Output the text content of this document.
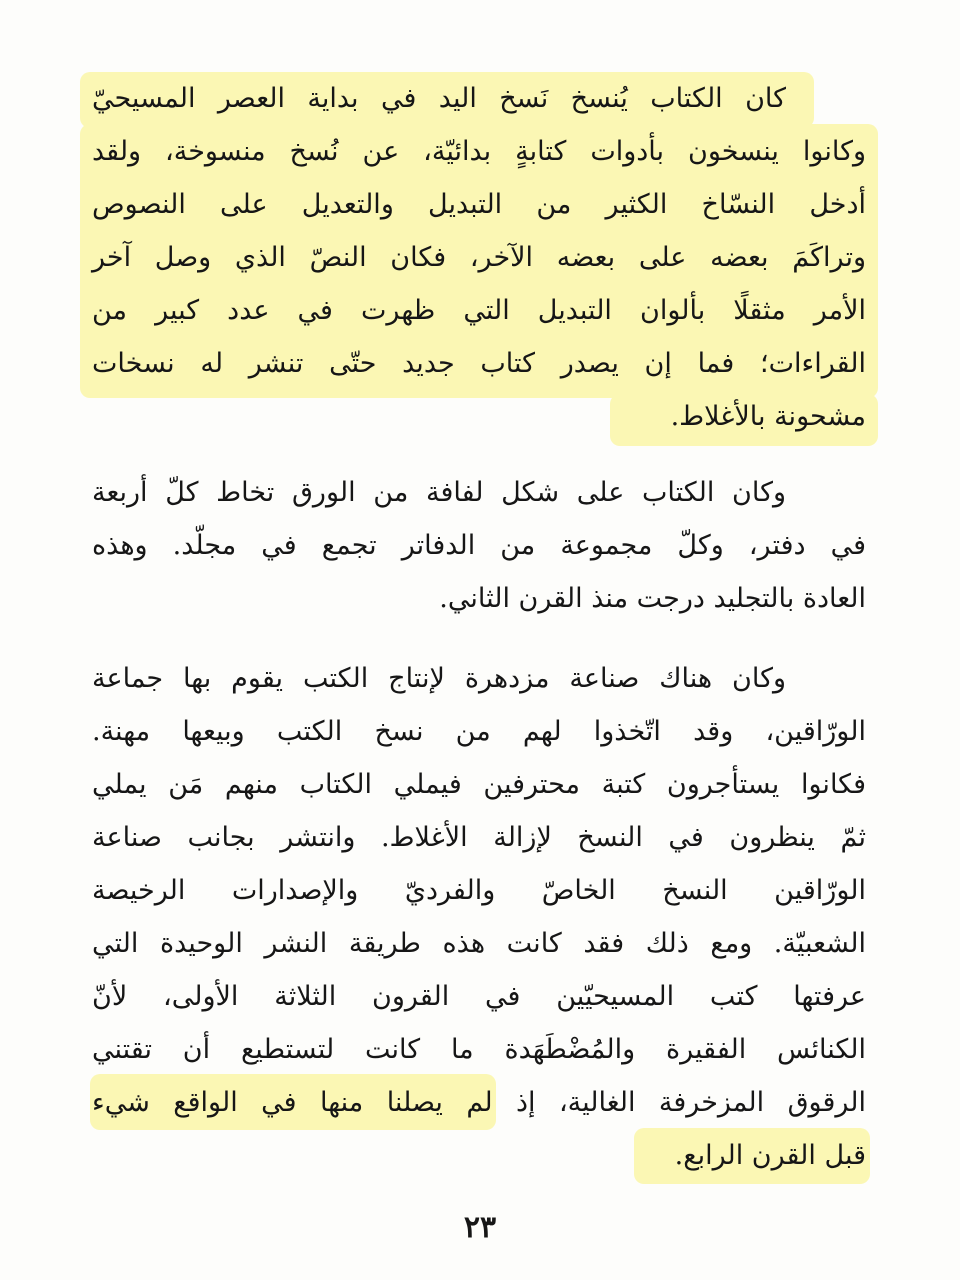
كان الكتاب يُنسخ نَسخ اليد في بداية العصر المسيحيّ
وكانوا ينسخون بأدوات كتابةٍ بدائيّة، عن نُسخ منسوخة، ولقد
أدخل النسّاخ الكثير من التبديل والتعديل على النصوص
وتراكَمَ بعضه على بعضه الآخر، فكان النصّ الذي وصل آخر
الأمر مثقلًا بألوان التبديل التي ظهرت في عدد كبير من
القراءات؛ فما إن يصدر كتاب جديد حتّى تنشر له نسخات
مشحونة بالأغلاط.
وكان الكتاب على شكل لفافة من الورق تخاط كلّ أربعة
في دفتر، وكلّ مجموعة من الدفاتر تجمع في مجلّد. وهذه
العادة بالتجليد درجت منذ القرن الثاني.
وكان هناك صناعة مزدهرة لإنتاج الكتب يقوم بها جماعة
الورّاقين، وقد اتّخذوا لهم من نسخ الكتب وبيعها مهنة.
فكانوا يستأجرون كتبة محترفين فيملي الكتاب منهم مَن يملي
ثمّ ينظرون في النسخ لإزالة الأغلاط. وانتشر بجانب صناعة
الورّاقين النسخ الخاصّ والفرديّ والإصدارات الرخيصة
الشعبيّة. ومع ذلك فقد كانت هذه طريقة النشر الوحيدة التي
عرفتها كتب المسيحيّين في القرون الثلاثة الأولى، لأنّ
الكنائس الفقيرة والمُضْطَهَدة ما كانت لتستطيع أن تقتني
الرقوق المزخرفة الغالية، إذ لم يصلنا منها في الواقع شيء
قبل القرن الرابع.
٢٣
